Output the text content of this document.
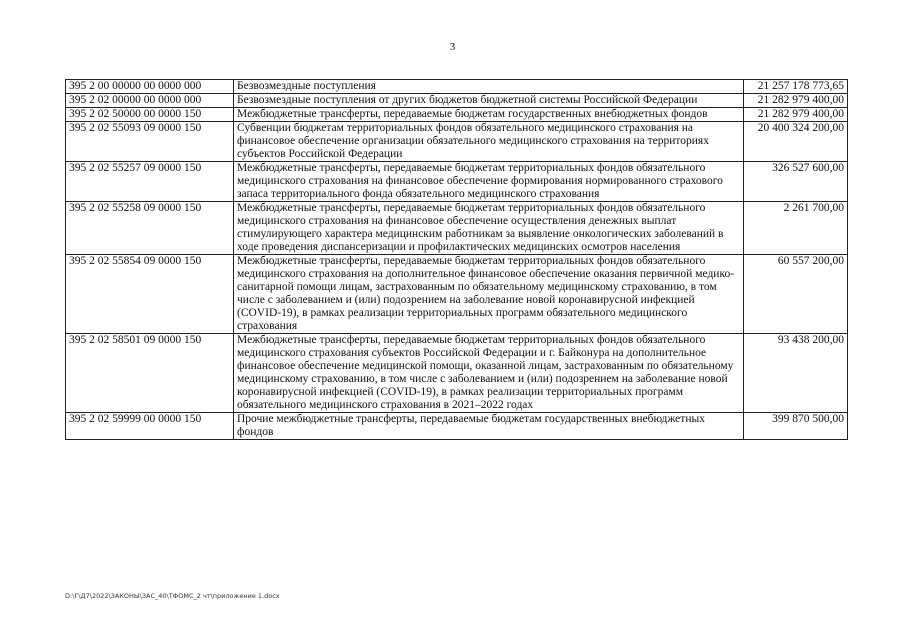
3
395 2 00 00000 00 0000 000	Безвозмездные поступления	21 257 178 773,65
395 2 02 00000 00 0000 000	Безвозмездные поступления от других бюджетов бюджетной системы Российской Федерации	21 282 979 400,00
395 2 02 50000 00 0000 150	Межбюджетные трансферты, передаваемые бюджетам государственных внебюджетных фондов	21 282 979 400,00
395 2 02 55093 09 0000 150	Субвенции бюджетам территориальных фондов обязательного медицинского страхования на финансовое обеспечение организации обязательного медицинского страхования на территориях субъектов Российской Федерации	20 400 324 200,00
395 2 02 55257 09 0000 150	Межбюджетные трансферты, передаваемые бюджетам территориальных фондов обязательного медицинского страхования на финансовое обеспечение формирования нормированного страхового запаса территориального фонда обязательного медицинского страхования	326 527 600,00
395 2 02 55258 09 0000 150	Межбюджетные трансферты, передаваемые бюджетам территориальных фондов обязательного медицинского страхования на финансовое обеспечение осуществления денежных выплат стимулирующего характера медицинским работникам за выявление онкологических заболеваний в ходе проведения диспансеризации и профилактических медицинских осмотров населения	2 261 700,00
395 2 02 55854 09 0000 150	Межбюджетные трансферты, передаваемые бюджетам территориальных фондов обязательного медицинского страхования на дополнительное финансовое обеспечение оказания первичной медико-санитарной помощи лицам, застрахованным по обязательному медицинскому страхованию, в том числе с заболеванием и (или) подозрением на заболевание новой коронавирусной инфекцией (COVID-19), в рамках реализации территориальных программ обязательного медицинского страхования	60 557 200,00
395 2 02 58501 09 0000 150	Межбюджетные трансферты, передаваемые бюджетам территориальных фондов обязательного медицинского страхования субъектов Российской Федерации и г. Байконура на дополнительное финансовое обеспечение медицинской помощи, оказанной лицам, застрахованным по обязательному медицинскому страхованию, в том числе с заболеванием и (или) подозрением на заболевание новой коронавирусной инфекцией (COVID-19), в рамках реализации территориальных программ обязательного медицинского страхования в 2021–2022 годах	93 438 200,00
395 2 02 59999 00 0000 150	Прочие межбюджетные трансферты, передаваемые бюджетам государственных внебюджетных фондов	399 870 500,00
D:\Г\Д7\2022\ЗАКОНЫ\ЗАС_40\ТФОМС_2 чт\приложение 1.docx
